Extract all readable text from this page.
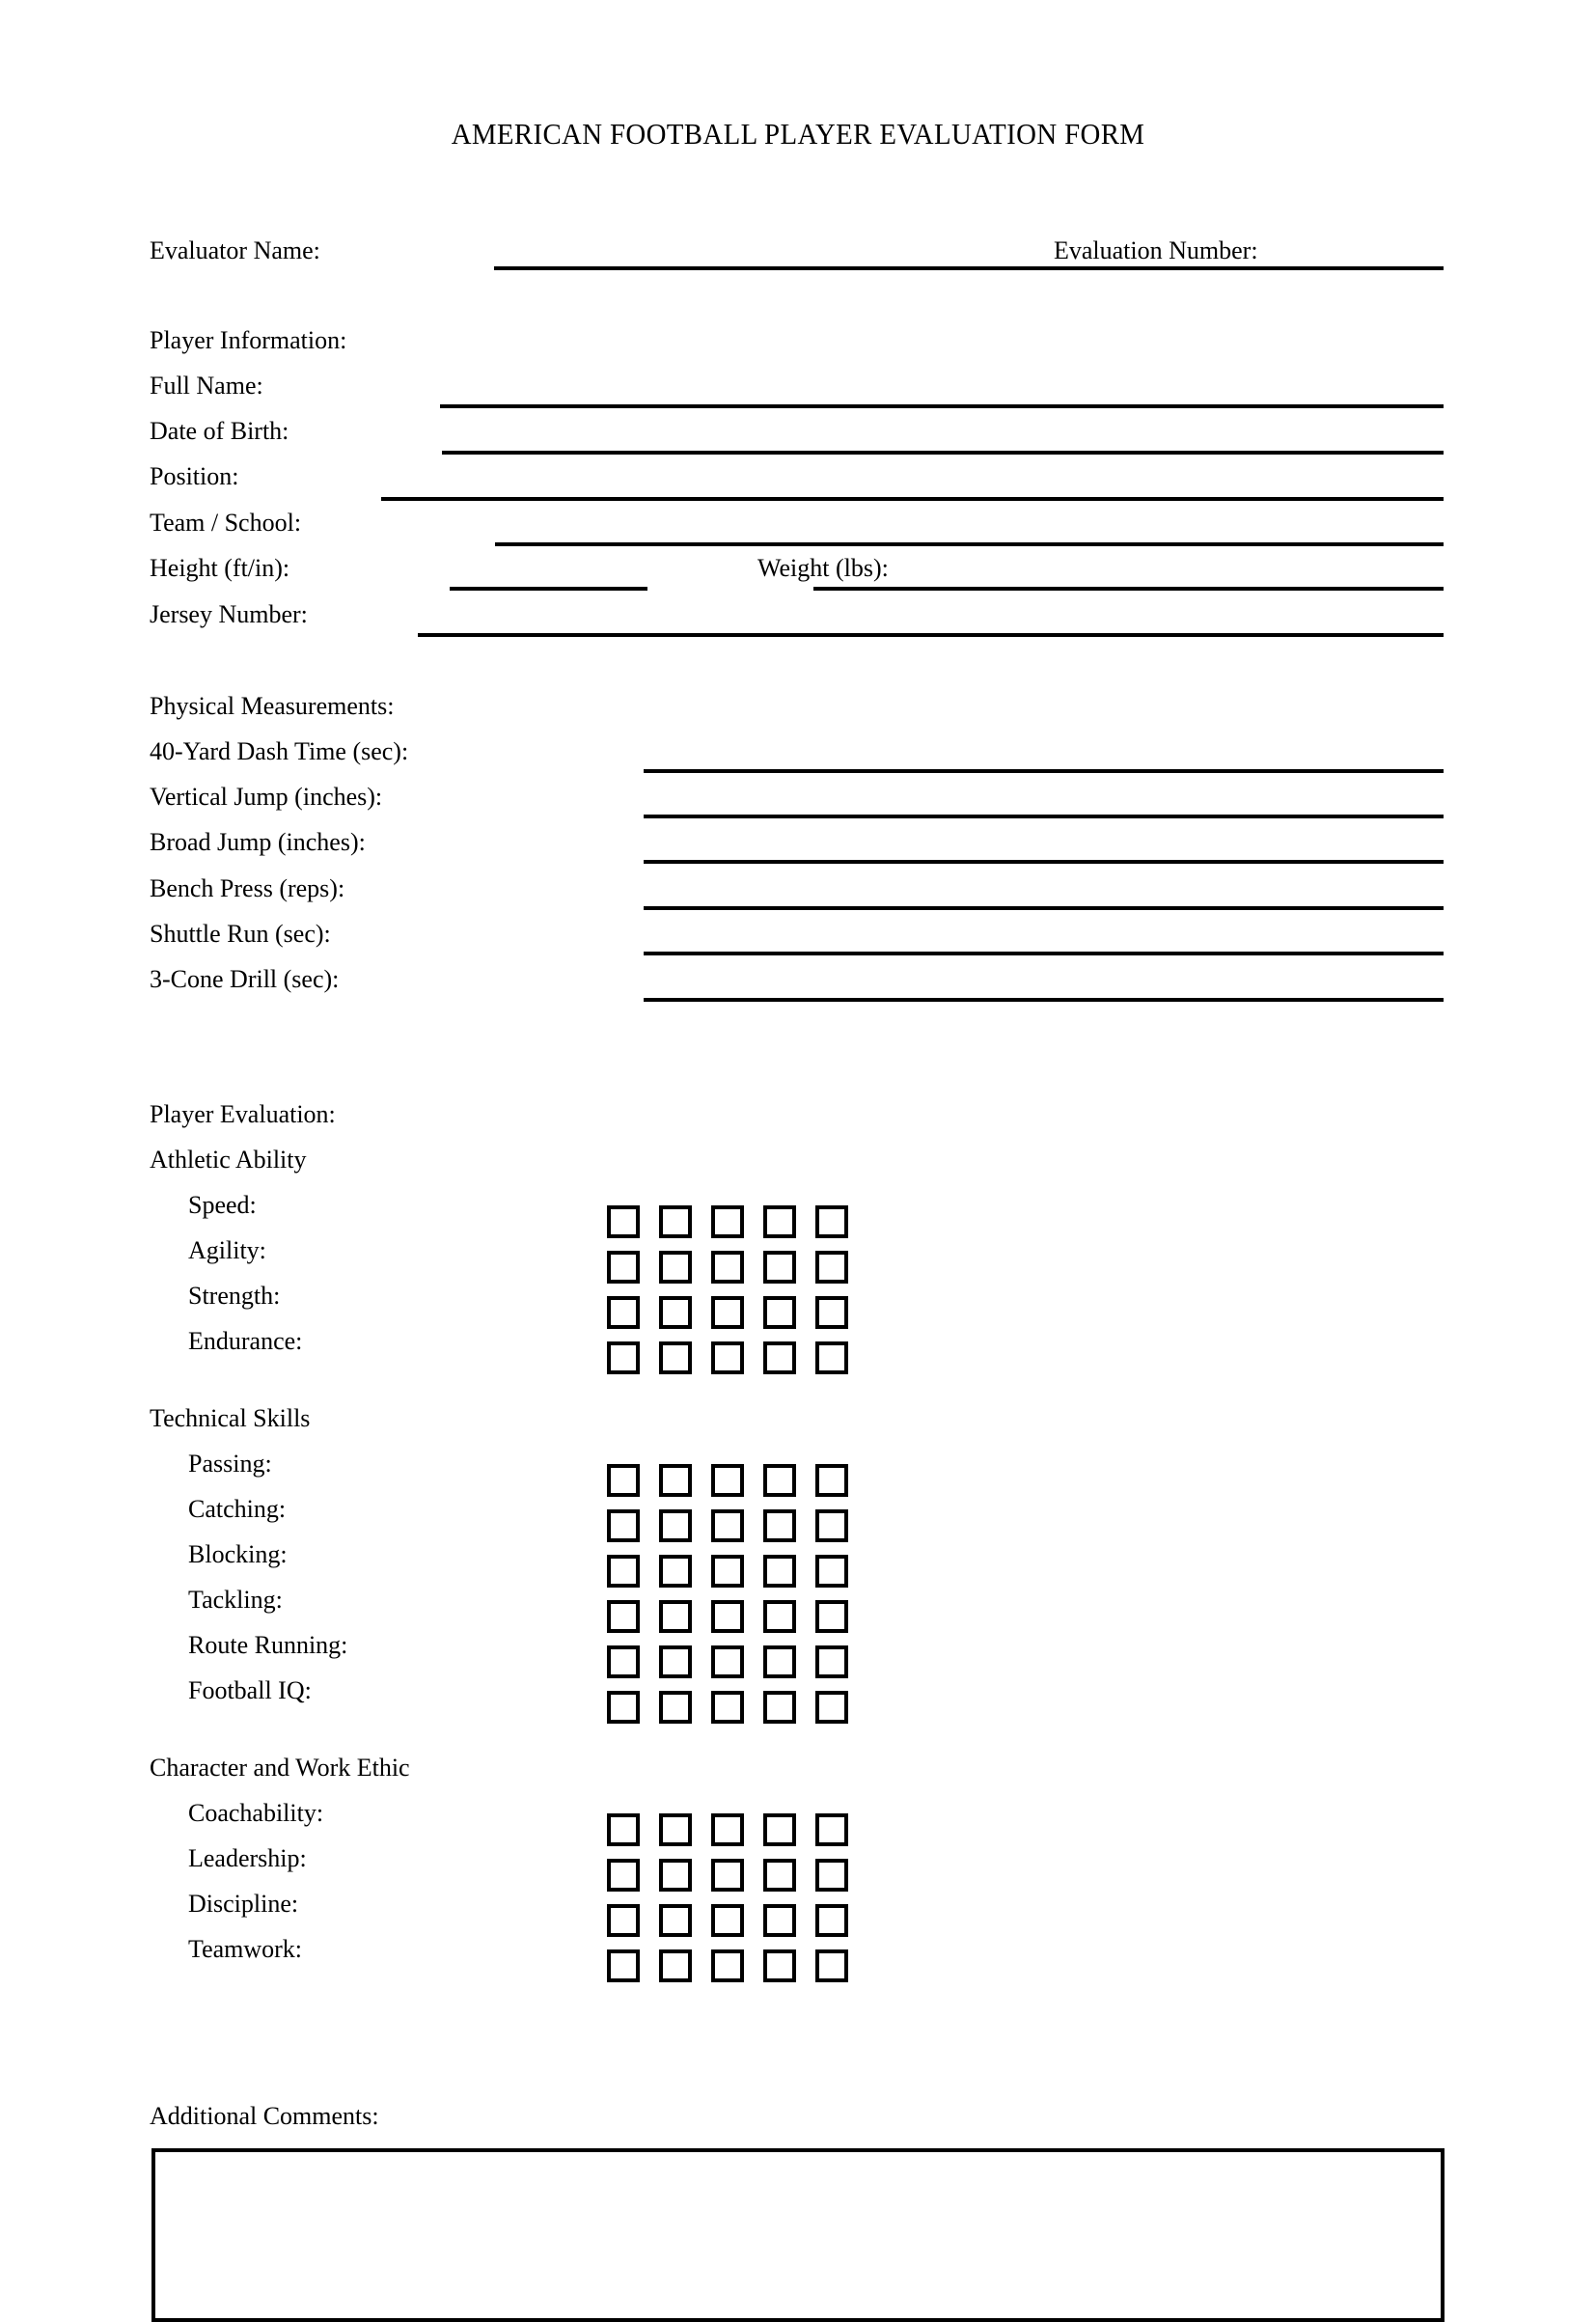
AMERICAN FOOTBALL PLAYER EVALUATION FORM
Evaluator Name:	Evaluation Number:
Player Information:
Full Name:
Date of Birth:
Position:
Team / School:
Height (ft/in):	Weight (lbs):
Jersey Number:
Physical Measurements:
40-Yard Dash Time (sec):
Vertical Jump (inches):
Broad Jump (inches):
Bench Press (reps):
Shuttle Run (sec):
3-Cone Drill (sec):
Player Evaluation:
Athletic Ability
Speed:
Agility:
Strength:
Endurance:
Technical Skills
Passing:
Catching:
Blocking:
Tackling:
Route Running:
Football IQ:
Character and Work Ethic
Coachability:
Leadership:
Discipline:
Teamwork:
Additional Comments:
